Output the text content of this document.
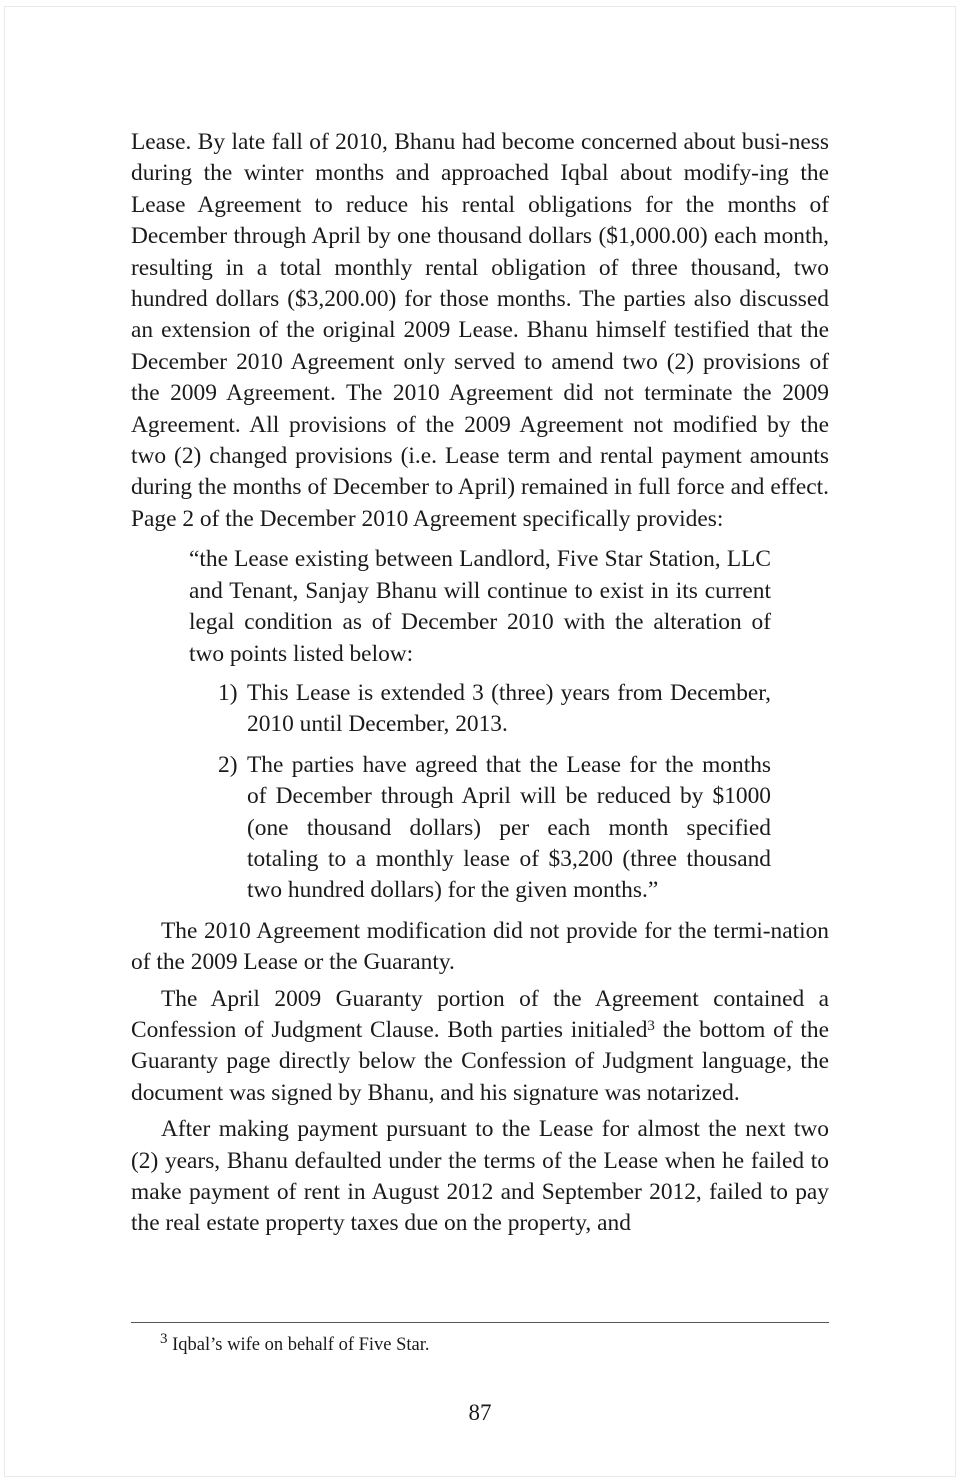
Lease. By late fall of 2010, Bhanu had become concerned about busi-ness during the winter months and approached Iqbal about modify-ing the Lease Agreement to reduce his rental obligations for the months of December through April by one thousand dollars ($1,000.00) each month, resulting in a total monthly rental obligation of three thousand, two hundred dollars ($3,200.00) for those months. The parties also discussed an extension of the original 2009 Lease. Bhanu himself testified that the December 2010 Agreement only served to amend two (2) provisions of the 2009 Agreement. The 2010 Agreement did not terminate the 2009 Agreement. All provisions of the 2009 Agreement not modified by the two (2) changed provisions (i.e. Lease term and rental payment amounts during the months of December to April) remained in full force and effect. Page 2 of the December 2010 Agreement specifically provides:

“the Lease existing between Landlord, Five Star Station, LLC and Tenant, Sanjay Bhanu will continue to exist in its current legal condition as of December 2010 with the alteration of two points listed below:
1) This Lease is extended 3 (three) years from December, 2010 until December, 2013.
2) The parties have agreed that the Lease for the months of December through April will be reduced by $1000 (one thousand dollars) per each month specified totaling to a monthly lease of $3,200 (three thousand two hundred dollars) for the given months.”

The 2010 Agreement modification did not provide for the termi-nation of the 2009 Lease or the Guaranty.

The April 2009 Guaranty portion of the Agreement contained a Confession of Judgment Clause. Both parties initialed$^3$ the bottom of the Guaranty page directly below the Confession of Judgment language, the document was signed by Bhanu, and his signature was notarized.

After making payment pursuant to the Lease for almost the next two (2) years, Bhanu defaulted under the terms of the Lease when he failed to make payment of rent in August 2012 and September 2012, failed to pay the real estate property taxes due on the property, and

$^3$ Iqbal’s wife on behalf of Five Star.
87
